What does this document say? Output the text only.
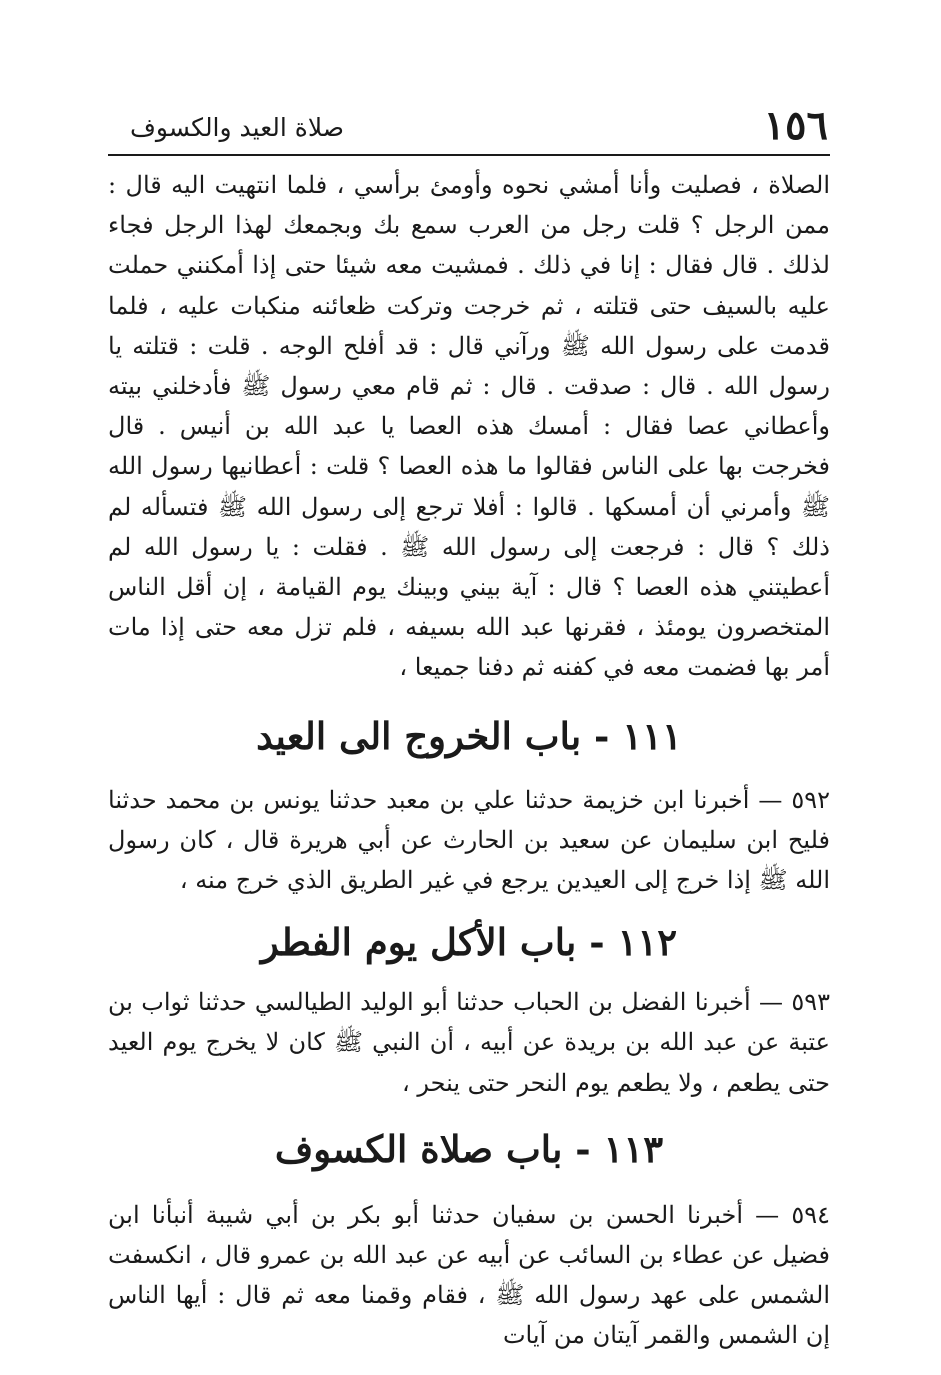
١٥٦
صلاة العيد والكسوف

الصلاة ، فصليت وأنا أمشي نحوه وأومئ برأسي ، فلما انتهيت اليه قال : ممن الرجل ؟ قلت رجل من العرب سمع بك وبجمعك لهذا الرجل فجاء لذلك . قال فقال : إنا في ذلك . فمشيت معه شيئا حتى إذا أمكنني حملت عليه بالسيف حتى قتلته ، ثم خرجت وتركت ظعائنه منكبات عليه ، فلما قدمت على رسول الله ﷺ ورآني قال : قد أفلح الوجه . قلت : قتلته يا رسول الله . قال : صدقت . قال : ثم قام معي رسول ﷺ فأدخلني بيته وأعطاني عصا فقال : أمسك هذه العصا يا عبد الله بن أنيس . قال فخرجت بها على الناس فقالوا ما هذه العصا ؟ قلت : أعطانيها رسول الله ﷺ وأمرني أن أمسكها . قالوا : أفلا ترجع إلى رسول الله ﷺ فتسأله لم ذلك ؟ قال : فرجعت إلى رسول الله ﷺ . فقلت : يا رسول الله لم أعطيتني هذه العصا ؟ قال : آية بيني وبينك يوم القيامة ، إن أقل الناس المتخصرون يومئذ ، فقرنها عبد الله بسيفه ، فلم تزل معه حتى إذا مات أمر بها فضمت معه في كفنه ثم دفنا جميعا ،

١١١ - باب الخروج الى العيد

٥٩٢ — أخبرنا ابن خزيمة حدثنا علي بن معبد حدثنا يونس بن محمد حدثنا فليح ابن سليمان عن سعيد بن الحارث عن أبي هريرة قال ، كان رسول الله ﷺ إذا خرج إلى العيدين يرجع في غير الطريق الذي خرج منه ،

١١٢ - باب الأكل يوم الفطر

٥٩٣ — أخبرنا الفضل بن الحباب حدثنا أبو الوليد الطيالسي حدثنا ثواب بن عتبة عن عبد الله بن بريدة عن أبيه ، أن النبي ﷺ كان لا يخرج يوم العيد حتى يطعم ، ولا يطعم يوم النحر حتى ينحر ،

١١٣ - باب صلاة الكسوف

٥٩٤ — أخبرنا الحسن بن سفيان حدثنا أبو بكر بن أبي شيبة أنبأنا ابن فضيل عن عطاء بن السائب عن أبيه عن عبد الله بن عمرو قال ، انكسفت الشمس على عهد رسول الله ﷺ ، فقام وقمنا معه ثم قال : أيها الناس إن الشمس والقمر آيتان من آيات
